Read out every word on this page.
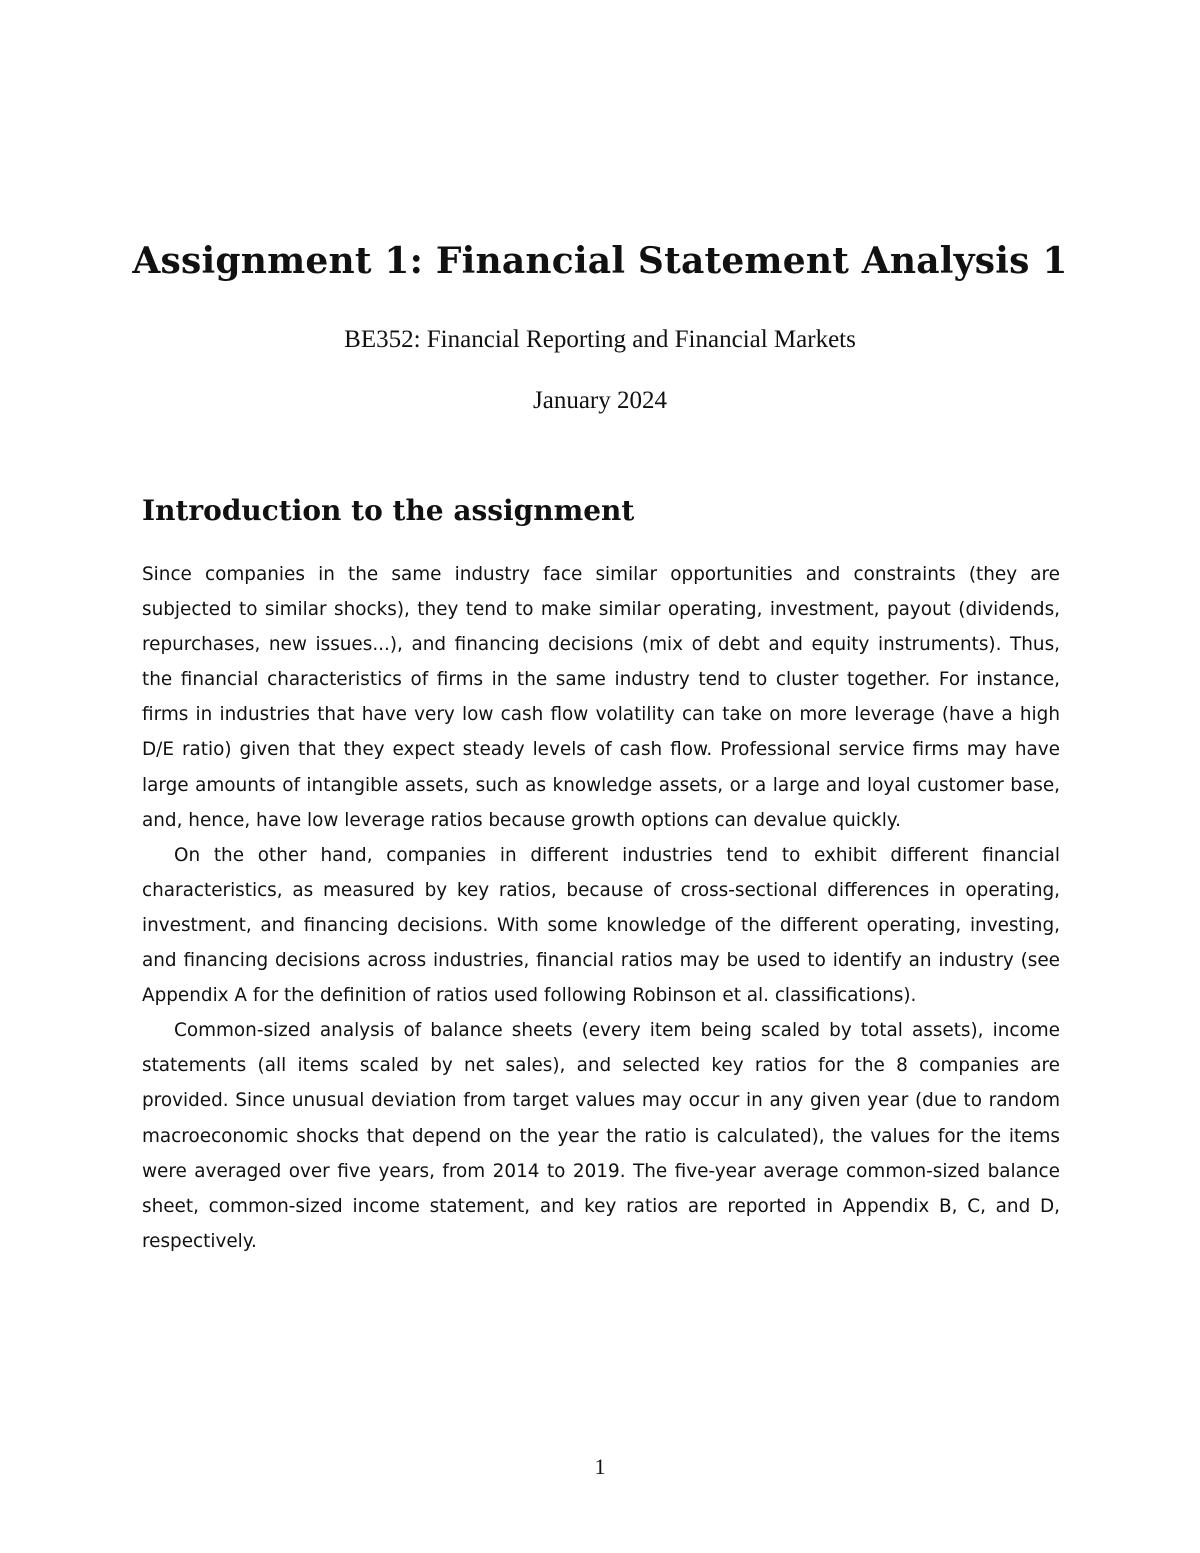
Assignment 1: Financial Statement Analysis 1
BE352: Financial Reporting and Financial Markets
January 2024
Introduction to the assignment

Since companies in the same industry face similar opportunities and constraints (they are subjected to similar shocks), they tend to make similar operating, investment, payout (dividends, repurchases, new issues...), and financing decisions (mix of debt and equity instruments). Thus, the financial characteristics of firms in the same industry tend to cluster together. For instance, firms in industries that have very low cash flow volatility can take on more leverage (have a high D/E ratio) given that they expect steady levels of cash flow. Professional service firms may have large amounts of intangible assets, such as knowledge assets, or a large and loyal customer base, and, hence, have low leverage ratios because growth options can devalue quickly.

On the other hand, companies in different industries tend to exhibit different financial characteristics, as measured by key ratios, because of cross-sectional differences in operating, investment, and financing decisions. With some knowledge of the different operating, investing, and financing decisions across industries, financial ratios may be used to identify an industry (see Appendix A for the definition of ratios used following Robinson et al. classifications).

Common-sized analysis of balance sheets (every item being scaled by total assets), income statements (all items scaled by net sales), and selected key ratios for the 8 companies are provided. Since unusual deviation from target values may occur in any given year (due to random macroeconomic shocks that depend on the year the ratio is calculated), the values for the items were averaged over five years, from 2014 to 2019. The five-year average common-sized balance sheet, common-sized income statement, and key ratios are reported in Appendix B, C, and D, respectively.

1
